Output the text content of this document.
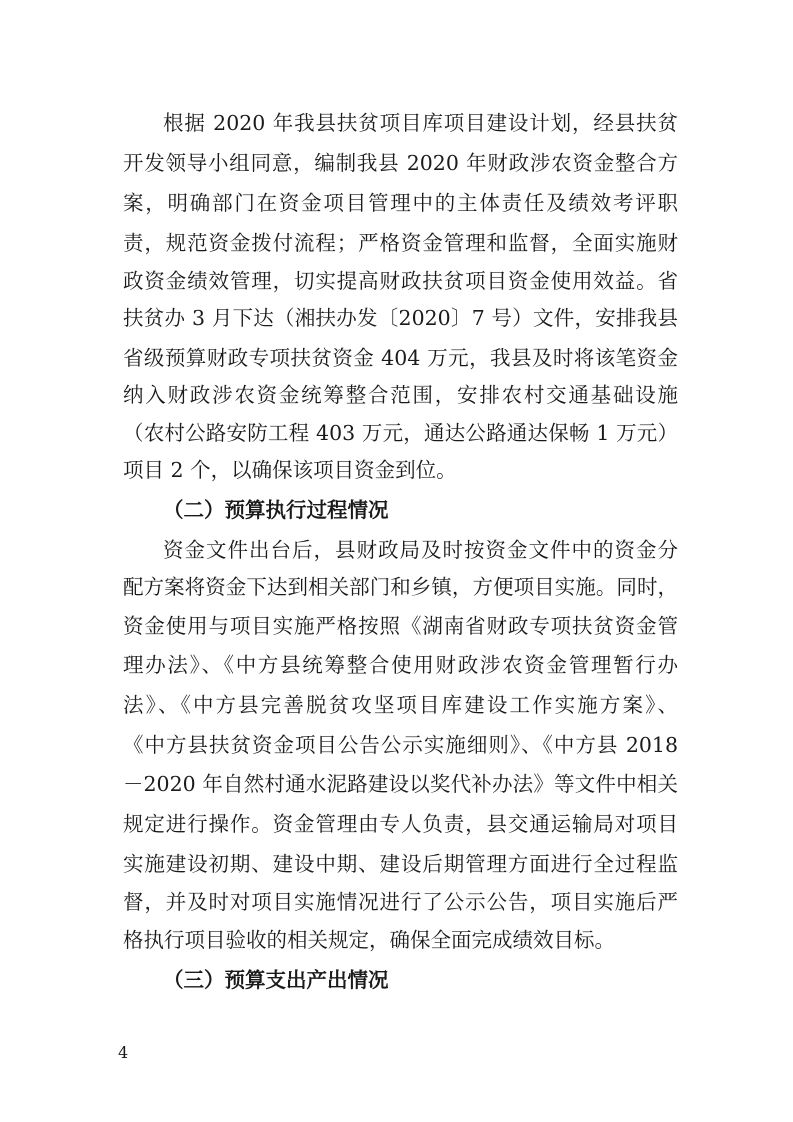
根据 2020 年我县扶贫项目库项目建设计划，经县扶贫
开发领导小组同意，编制我县 2020 年财政涉农资金整合方
案，明确部门在资金项目管理中的主体责任及绩效考评职
责，规范资金拨付流程；严格资金管理和监督，全面实施财
政资金绩效管理，切实提高财政扶贫项目资金使用效益。省
扶贫办 3 月下达（湘扶办发〔2020〕7 号）文件，安排我县
省级预算财政专项扶贫资金 404 万元，我县及时将该笔资金
纳入财政涉农资金统筹整合范围，安排农村交通基础设施
（农村公路安防工程 403 万元，通达公路通达保畅 1 万元）
项目 2 个，以确保该项目资金到位。
（二）预算执行过程情况
资金文件出台后，县财政局及时按资金文件中的资金分
配方案将资金下达到相关部门和乡镇，方便项目实施。同时，
资金使用与项目实施严格按照《湖南省财政专项扶贫资金管
理办法》、《中方县统筹整合使用财政涉农资金管理暂行办
法》、《中方县完善脱贫攻坚项目库建设工作实施方案》、
《中方县扶贫资金项目公告公示实施细则》、《中方县 2018
－2020 年自然村通水泥路建设以奖代补办法》等文件中相关
规定进行操作。资金管理由专人负责，县交通运输局对项目
实施建设初期、建设中期、建设后期管理方面进行全过程监
督，并及时对项目实施情况进行了公示公告，项目实施后严
格执行项目验收的相关规定，确保全面完成绩效目标。
（三）预算支出产出情况
4
